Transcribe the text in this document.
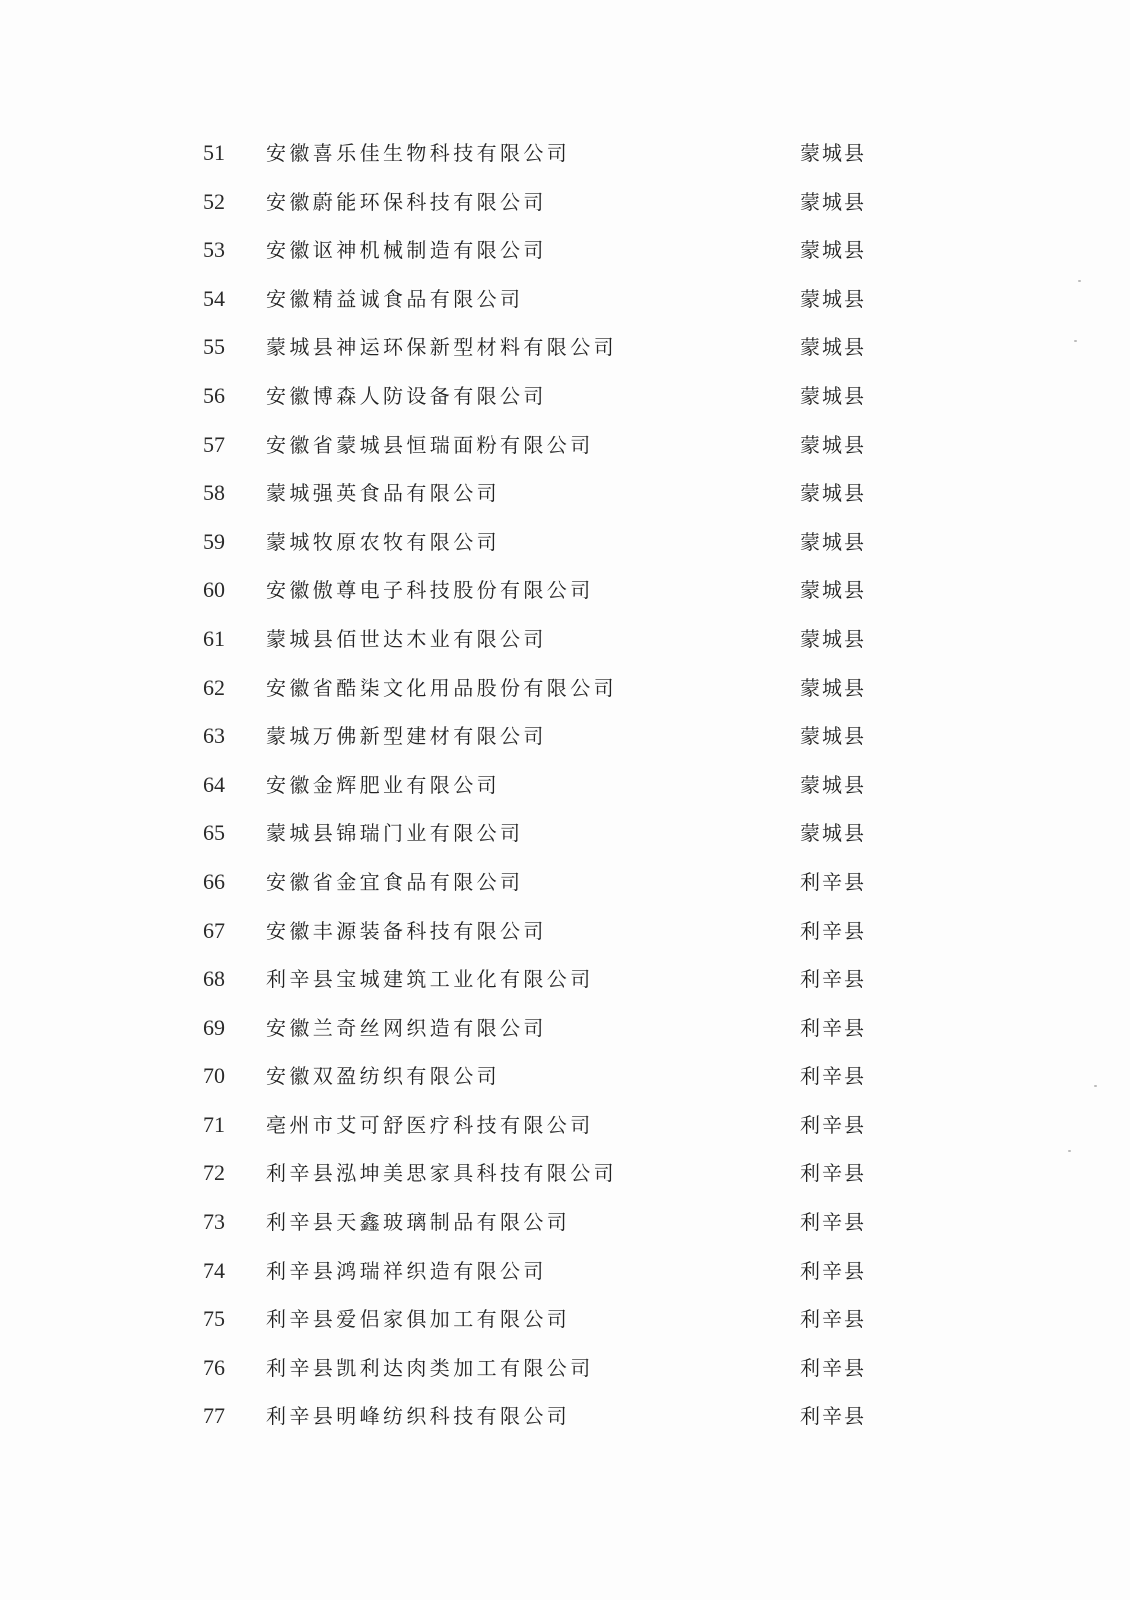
51	安徽喜乐佳生物科技有限公司	蒙城县
52	安徽蔚能环保科技有限公司	蒙城县
53	安徽讴神机械制造有限公司	蒙城县
54	安徽精益诚食品有限公司	蒙城县
55	蒙城县神运环保新型材料有限公司	蒙城县
56	安徽博森人防设备有限公司	蒙城县
57	安徽省蒙城县恒瑞面粉有限公司	蒙城县
58	蒙城强英食品有限公司	蒙城县
59	蒙城牧原农牧有限公司	蒙城县
60	安徽傲尊电子科技股份有限公司	蒙城县
61	蒙城县佰世达木业有限公司	蒙城县
62	安徽省酷柒文化用品股份有限公司	蒙城县
63	蒙城万佛新型建材有限公司	蒙城县
64	安徽金辉肥业有限公司	蒙城县
65	蒙城县锦瑞门业有限公司	蒙城县
66	安徽省金宜食品有限公司	利辛县
67	安徽丰源装备科技有限公司	利辛县
68	利辛县宝城建筑工业化有限公司	利辛县
69	安徽兰奇丝网织造有限公司	利辛县
70	安徽双盈纺织有限公司	利辛县
71	亳州市艾可舒医疗科技有限公司	利辛县
72	利辛县泓坤美思家具科技有限公司	利辛县
73	利辛县天鑫玻璃制品有限公司	利辛县
74	利辛县鸿瑞祥织造有限公司	利辛县
75	利辛县爱侣家俱加工有限公司	利辛县
76	利辛县凯利达肉类加工有限公司	利辛县
77	利辛县明峰纺织科技有限公司	利辛县
